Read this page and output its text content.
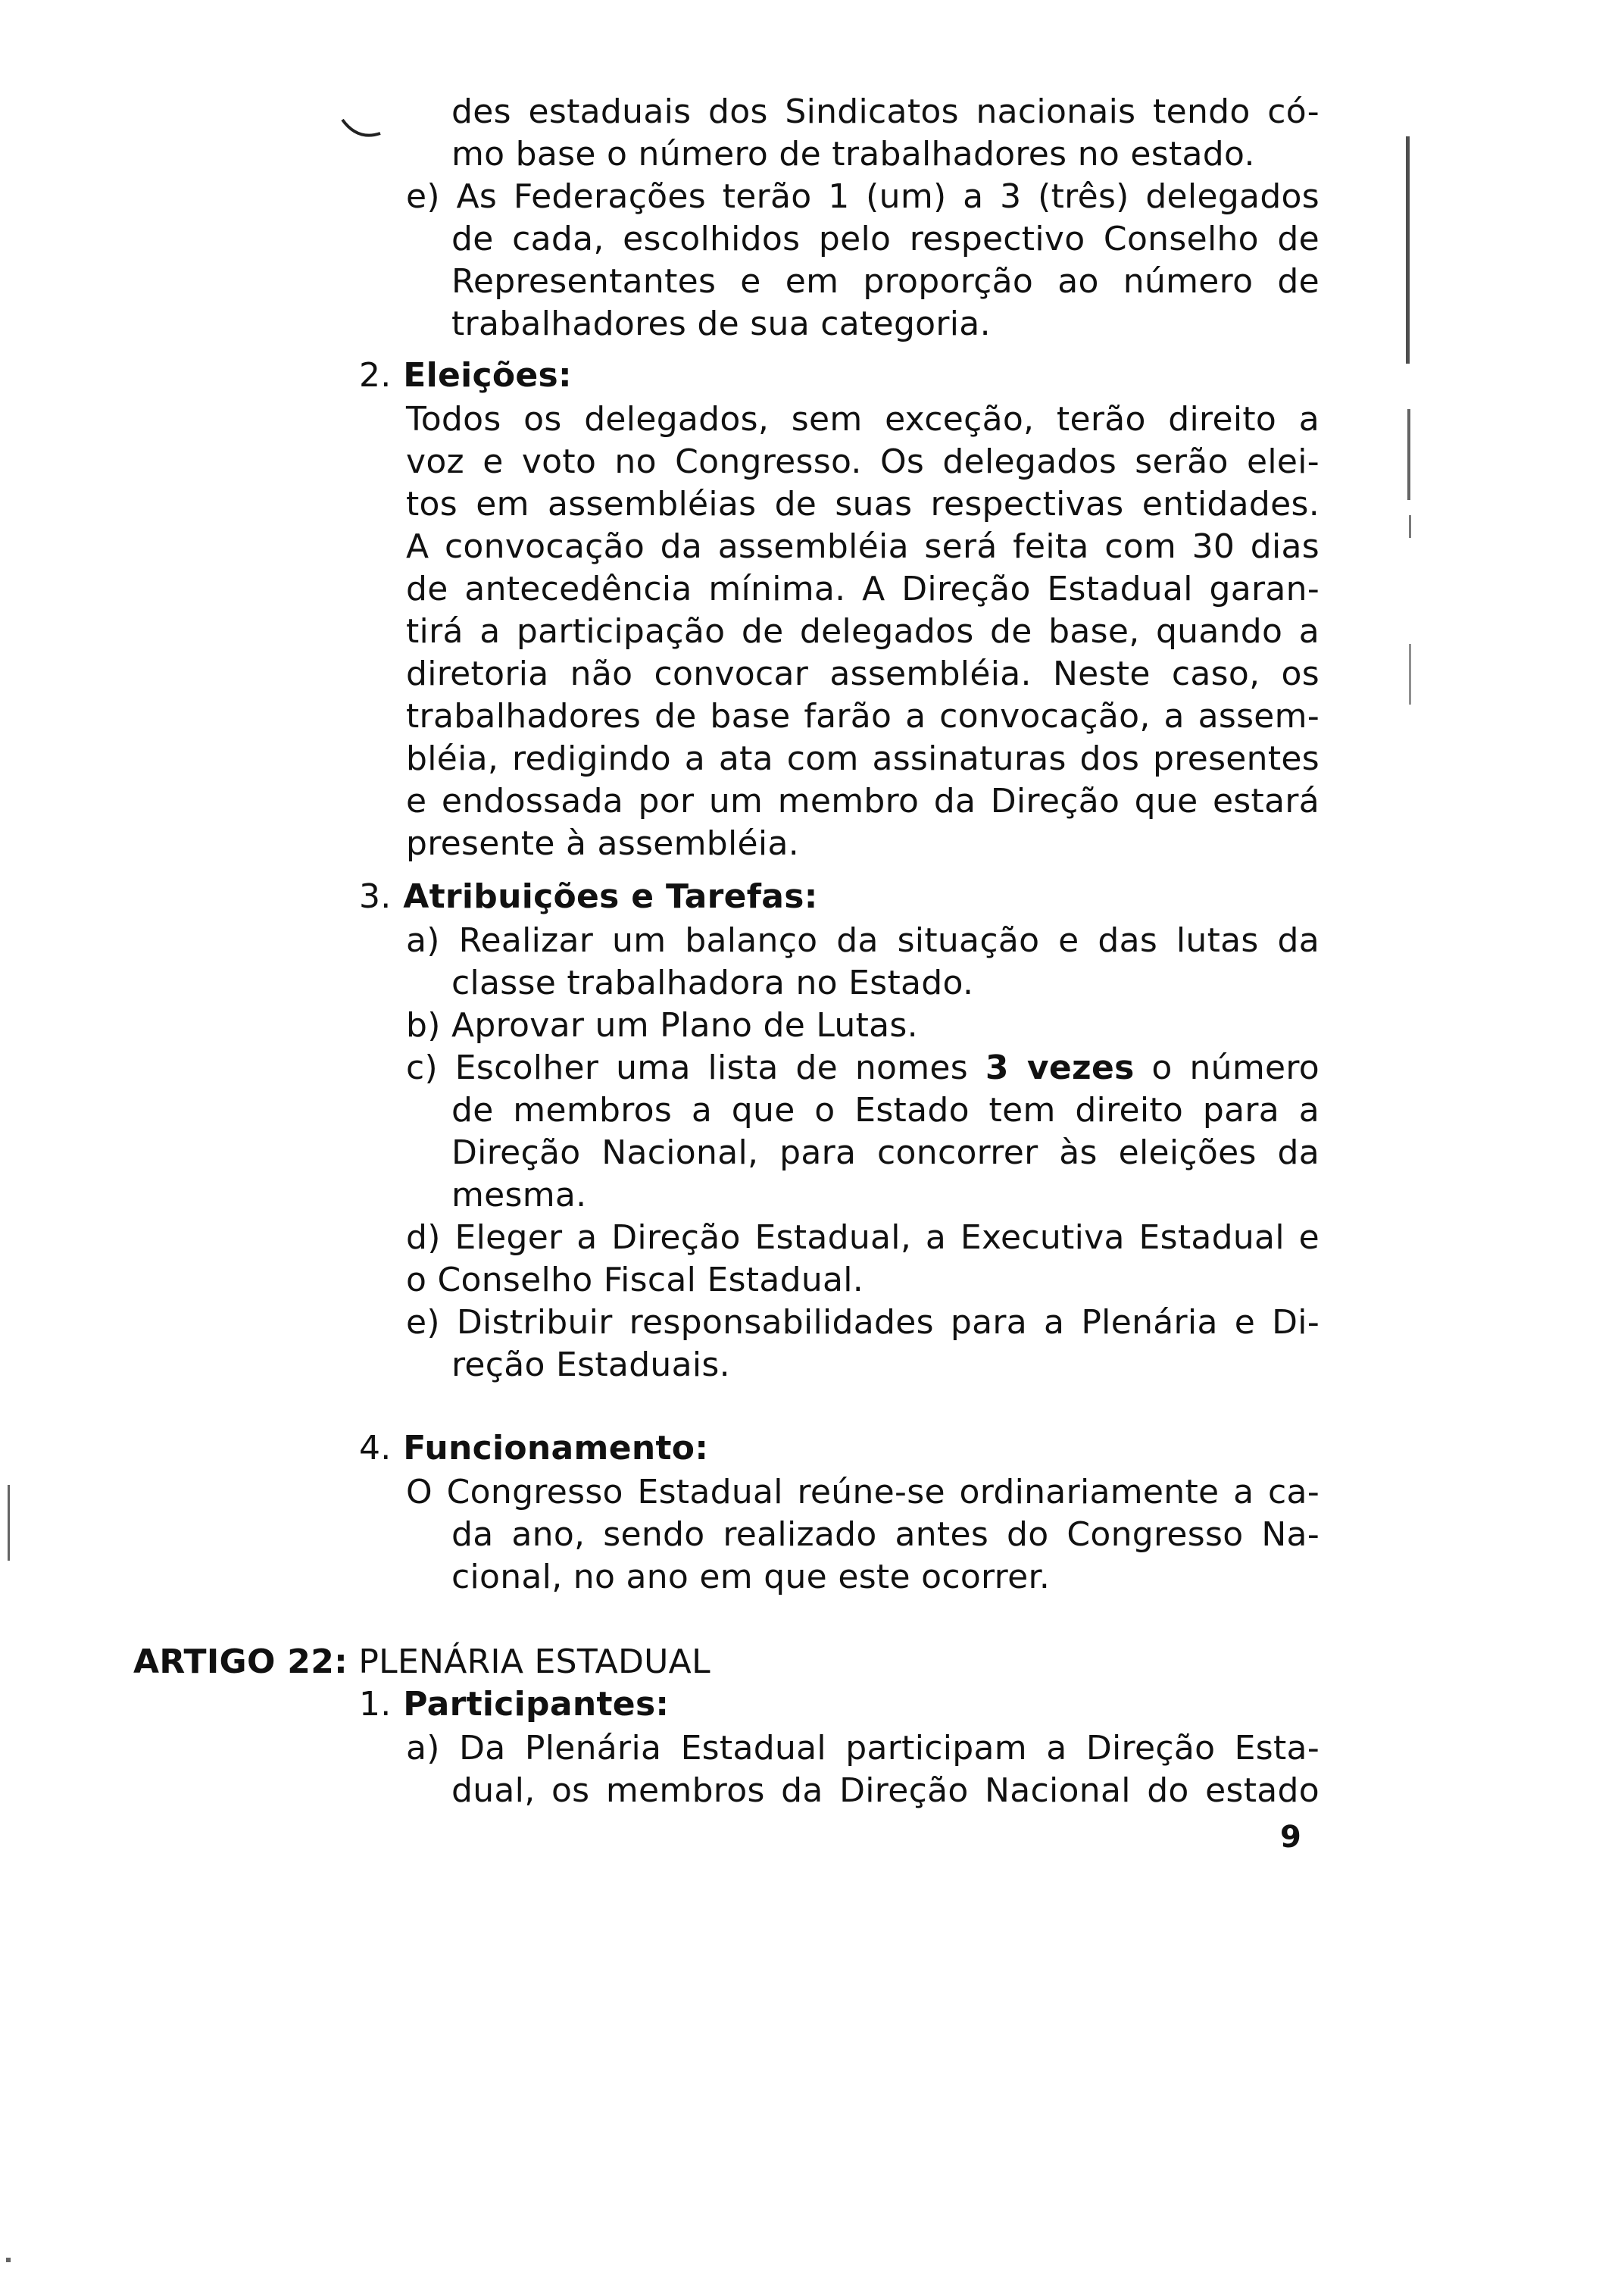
des estaduais dos Sindicatos nacionais tendo có-
mo base o número de trabalhadores no estado.
e) As Federações terão 1 (um) a 3 (três) delegados
de cada, escolhidos pelo respectivo Conselho de
Representantes e em proporção ao número de
trabalhadores de sua categoria.
2. Eleições:
Todos os delegados, sem exceção, terão direito a
voz e voto no Congresso. Os delegados serão elei-
tos em assembléias de suas respectivas entidades.
A convocação da assembléia será feita com 30 dias
de antecedência mínima. A Direção Estadual garan-
tirá a participação de delegados de base, quando a
diretoria não convocar assembléia. Neste caso, os
trabalhadores de base farão a convocação, a assem-
bléia, redigindo a ata com assinaturas dos presentes
e endossada por um membro da Direção que estará
presente à assembléia.
3. Atribuições e Tarefas:
a) Realizar um balanço da situação e das lutas da
classe trabalhadora no Estado.
b) Aprovar um Plano de Lutas.
c) Escolher uma lista de nomes 3 vezes o número
de membros a que o Estado tem direito para a
Direção Nacional, para concorrer às eleições da
mesma.
d) Eleger a Direção Estadual, a Executiva Estadual e
o Conselho Fiscal Estadual.
e) Distribuir responsabilidades para a Plenária e Di-
reção Estaduais.
4. Funcionamento:
O Congresso Estadual reúne-se ordinariamente a ca-
da ano, sendo realizado antes do Congresso Na-
cional, no ano em que este ocorrer.
ARTIGO 22: PLENÁRIA ESTADUAL
1. Participantes:
a) Da Plenária Estadual participam a Direção Esta-
dual, os membros da Direção Nacional do estado
9
